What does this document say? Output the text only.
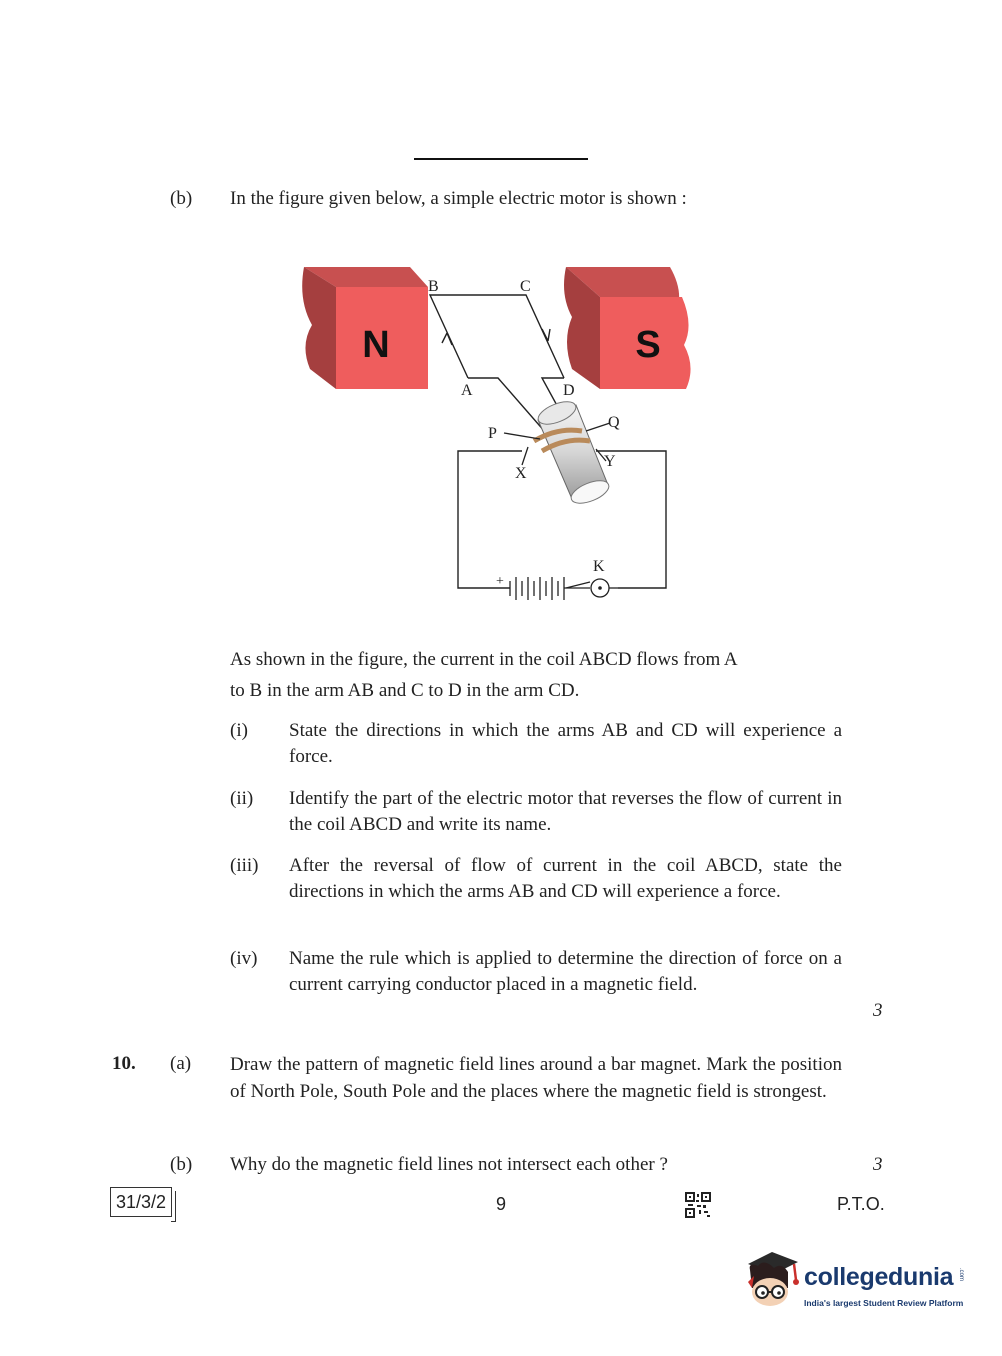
(b) In the figure given below, a simple electric motor is shown :
N	S
B	C
A	D
P
Q
X
Y
K
+
As shown in the figure, the current in the coil ABCD flows from A
to B in the arm AB and C to D in the arm CD.
(i) State the directions in which the arms AB and CD will experience a force.
(ii) Identify the part of the electric motor that reverses the flow of current in the coil ABCD and write its name.
(iii) After the reversal of flow of current in the coil ABCD, state the directions in which the arms AB and CD will experience a force.
(iv) Name the rule which is applied to determine the direction of force on a current carrying conductor placed in a magnetic field.
3
10. (a) Draw the pattern of magnetic field lines around a bar magnet. Mark the position of North Pole, South Pole and the places where the magnetic field is strongest.
(b) Why do the magnetic field lines not intersect each other ?	3
31/3/2	9	P.T.O.
collegedunia .com
India's largest Student Review Platform
